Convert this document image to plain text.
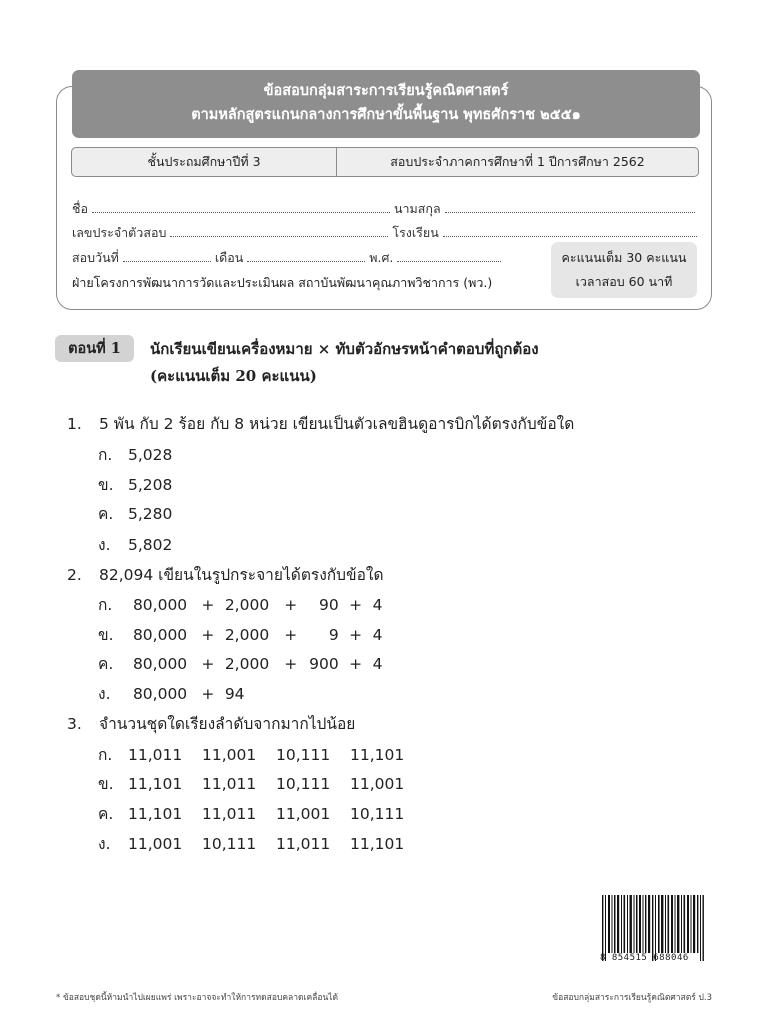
ข้อสอบกลุ่มสาระการเรียนรู้คณิตศาสตร์
ตามหลักสูตรแกนกลางการศึกษาขั้นพื้นฐาน พุทธศักราช ๒๕๕๑
ชั้นประถมศึกษาปีที่ 3	สอบประจำภาคการศึกษาที่ 1 ปีการศึกษา 2562
ชื่อ	นามสกุล
เลขประจำตัวสอบ	โรงเรียน
สอบวันที่	เดือน	พ.ศ.
ฝ่ายโครงการพัฒนาการวัดและประเมินผล สถาบันพัฒนาคุณภาพวิชาการ (พว.)
คะแนนเต็ม 30 คะแนน
เวลาสอบ 60 นาที
ตอนที่ 1	นักเรียนเขียนเครื่องหมาย × ทับตัวอักษรหน้าคำตอบที่ถูกต้อง
(คะแนนเต็ม 20 คะแนน)
1. 5 พัน กับ 2 ร้อย กับ 8 หน่วย เขียนเป็นตัวเลขฮินดูอารบิกได้ตรงกับข้อใด
ก. 5,028
ข. 5,208
ค. 5,280
ง. 5,802
2. 82,094 เขียนในรูปกระจายได้ตรงกับข้อใด
ก. 80,000 + 2,000 + 90 + 4
ข. 80,000 + 2,000 + 9 + 4
ค. 80,000 + 2,000 + 900 + 4
ง. 80,000 + 94
3. จำนวนชุดใดเรียงลำดับจากมากไปน้อย
ก. 11,011 11,001 10,111 11,101
ข. 11,101 11,011 10,111 11,001
ค. 11,101 11,011 11,001 10,111
ง. 11,001 10,111 11,011 11,101
8 854515 688046
* ข้อสอบชุดนี้ห้ามนำไปเผยแพร่ เพราะอาจจะทำให้การทดสอบคลาดเคลื่อนได้	ข้อสอบกลุ่มสาระการเรียนรู้คณิตศาสตร์ ป.3
